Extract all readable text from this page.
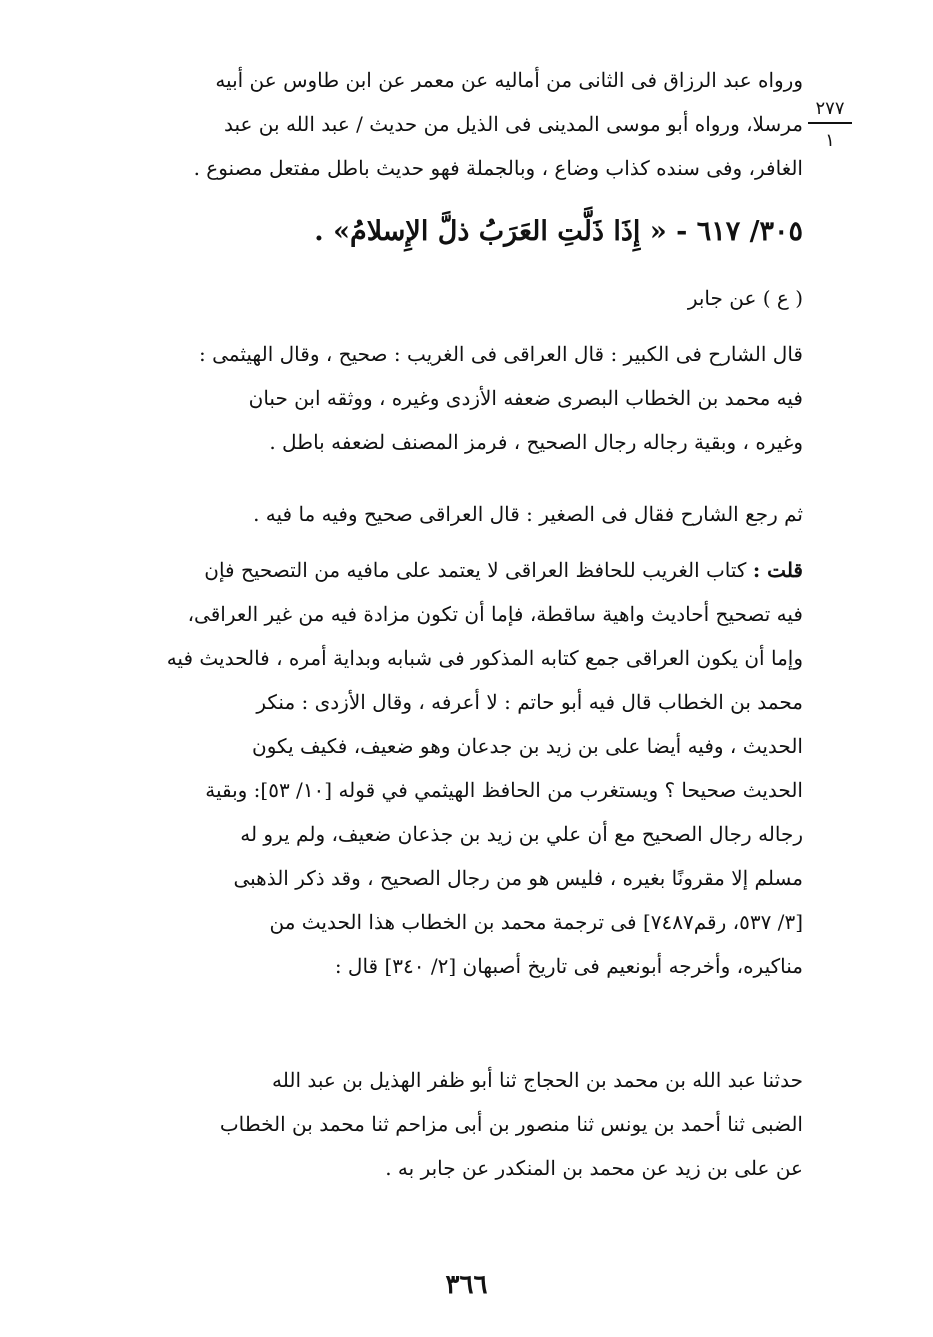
٢٧٧
١

ورواه عبد الرزاق فى الثانى من أماليه عن معمر عن ابن طاوس عن أبيه

مرسلا، ورواه أبو موسى المدينى فى الذيل من حديث / عبد الله بن عبد

الغافر، وفى سنده كذاب وضاع ، وبالجملة فهو حديث باطل مفتعل مصنوع .

٣٠٥/ ٦١٧ - « إِذَا ذَلَّتِ العَرَبُ ذلَّ الإِسلامُ» .

( ع ) عن جابر

قال الشارح فى الكبير : قال العراقى فى الغريب : صحيح ، وقال الهيثمى :

فيه محمد بن الخطاب البصرى ضعفه الأزدى وغيره ، ووثقه ابن حبان

وغيره ، وبقية رجاله رجال الصحيح ، فرمز المصنف لضعفه باطل .

ثم رجع الشارح فقال فى الصغير : قال العراقى صحيح وفيه ما فيه .

قلت : كتاب الغريب للحافظ العراقى لا يعتمد على مافيه من التصحيح فإن

فيه تصحيح أحاديث واهية ساقطة، فإما أن تكون مزادة فيه من غير العراقى،

وإما أن يكون العراقى جمع كتابه المذكور فى شبابه وبداية أمره ، فالحديث فيه

محمد بن الخطاب قال فيه أبو حاتم : لا أعرفه ، وقال الأزدى : منكر

الحديث ، وفيه أيضا على بن زيد بن جدعان وهو ضعيف، فكيف يكون

الحديث صحيحا ؟ ويستغرب من الحافظ الهيثمي في قوله [١٠/ ٥٣]: وبقية

رجاله رجال الصحيح مع أن علي بن زيد بن جذعان ضعيف، ولم يرو له

مسلم إلا مقرونًا بغيره ، فليس هو من رجال الصحيح ، وقد ذكر الذهبى

[٣/ ٥٣٧، رقم٧٤٨٧] فى ترجمة محمد بن الخطاب هذا الحديث من

مناكيره، وأخرجه أبونعيم فى تاريخ أصبهان [٢/ ٣٤٠] قال :

حدثنا عبد الله بن محمد بن الحجاج ثنا أبو ظفر الهذيل بن عبد الله

الضبى ثنا أحمد بن يونس ثنا منصور بن أبى مزاحم ثنا محمد بن الخطاب

عن على بن زيد عن محمد بن المنكدر عن جابر به .

٣٦٦
